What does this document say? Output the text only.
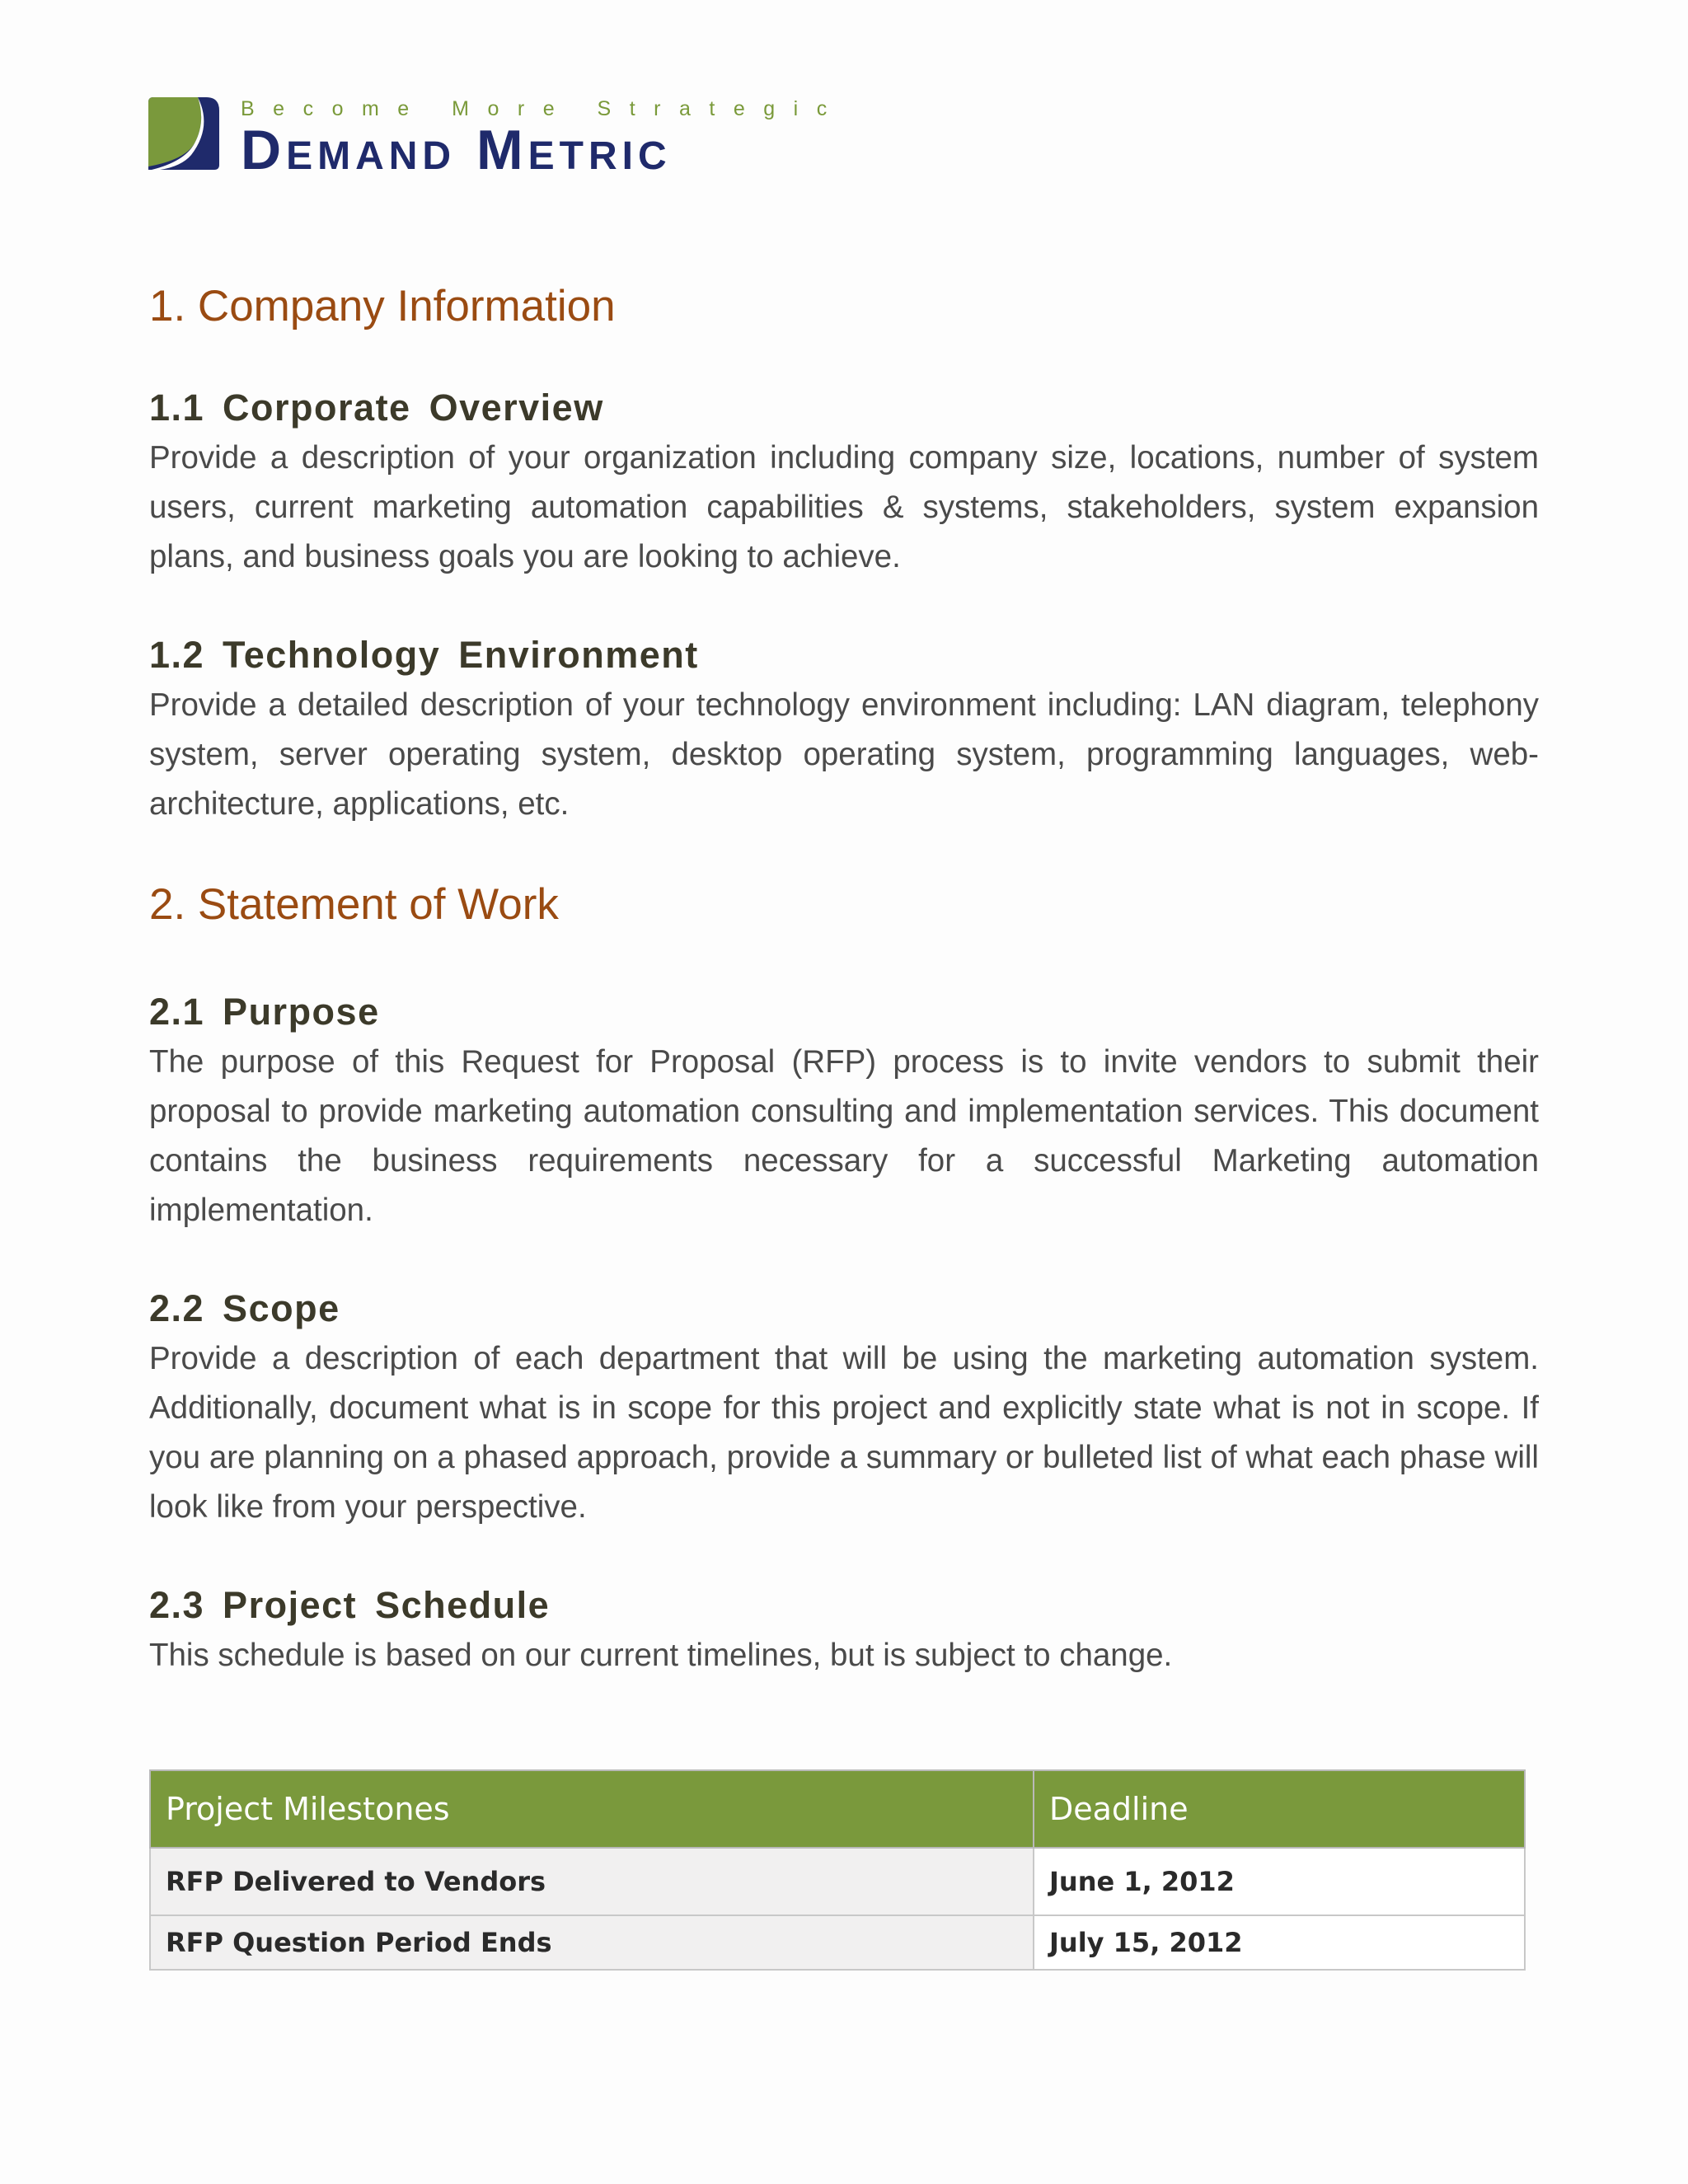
Become More Strategic
Demand Metric
1. Company Information
1.1 Corporate Overview

Provide a description of your organization including company size, locations, number of system users, current marketing automation capabilities & systems, stakeholders, system expansion plans, and business goals you are looking to achieve.

1.2 Technology Environment

Provide a detailed description of your technology environment including: LAN diagram, telephony system, server operating system, desktop operating system, programming languages, web-architecture, applications, etc.

2. Statement of Work
2.1 Purpose

The purpose of this Request for Proposal (RFP) process is to invite vendors to submit their proposal to provide marketing automation consulting and implementation services. This document contains the business requirements necessary for a successful Marketing automation implementation.

2.2 Scope

Provide a description of each department that will be using the marketing automation system. Additionally, document what is in scope for this project and explicitly state what is not in scope. If you are planning on a phased approach, provide a summary or bulleted list of what each phase will look like from your perspective.

2.3 Project Schedule

This schedule is based on our current timelines, but is subject to change.

Project Milestones	Deadline
RFP Delivered to Vendors	June 1, 2012
RFP Question Period Ends	July 15, 2012
